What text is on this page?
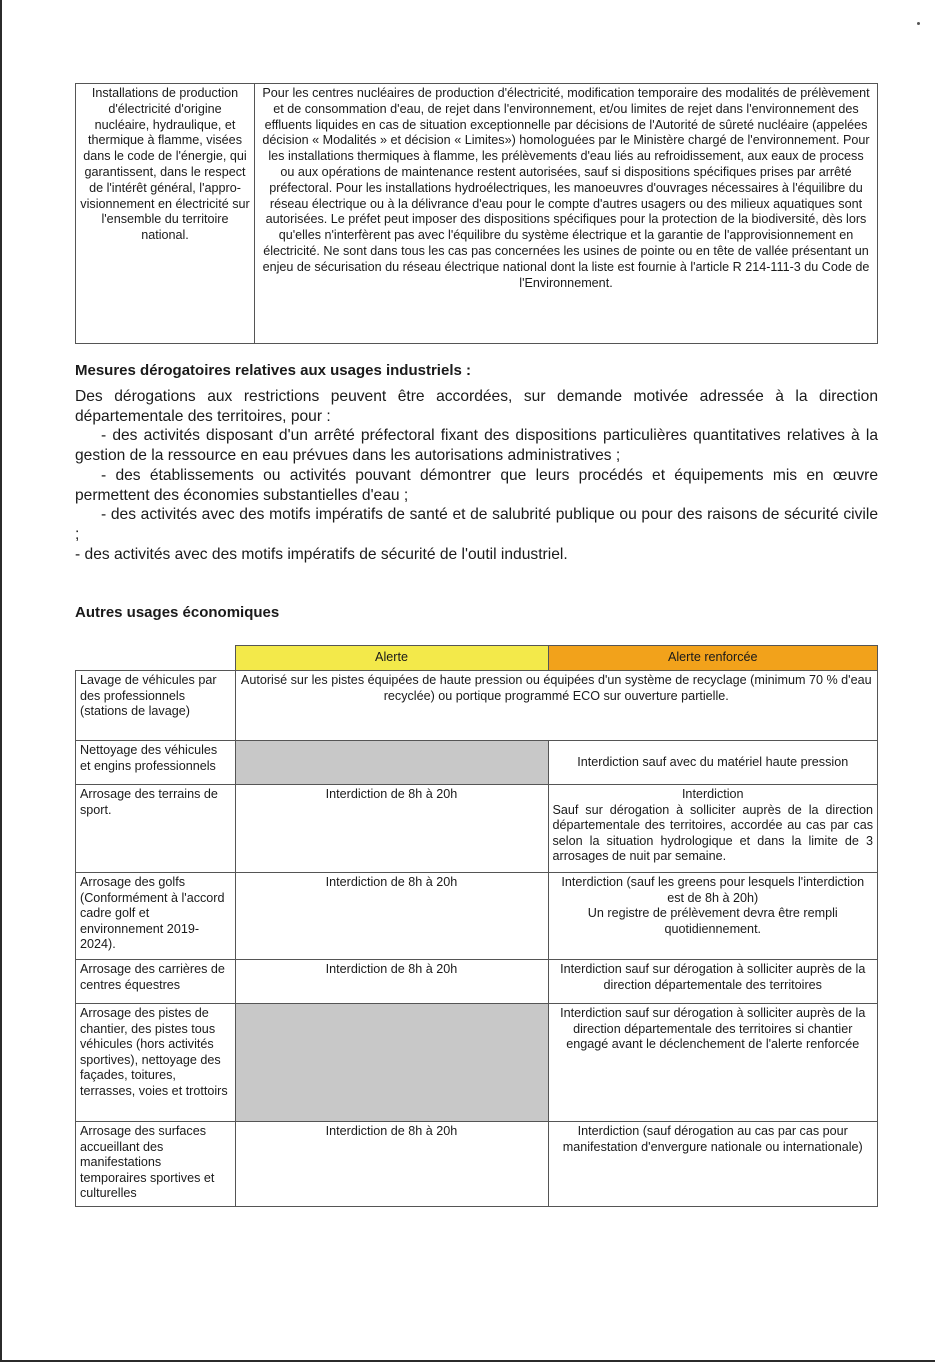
Installations de production d'électricité d'origine nucléaire, hydraulique, et thermique à flamme, visées dans le code de l'énergie, qui garantissent, dans le respect de l'intérêt général, l'appro-visionnement en électricité sur l'ensemble du territoire national.	Pour les centres nucléaires de production d'électricité, modification temporaire des modalités de prélèvement et de consommation d'eau, de rejet dans l'environnement, et/ou limites de rejet dans l'environnement des effluents liquides en cas de situation exceptionnelle par décisions de l'Autorité de sûreté nucléaire (appelées décision « Modalités » et décision « Limites») homologuées par le Ministère chargé de l'environnement. Pour les installations thermiques à flamme, les prélèvements d'eau liés au refroidissement, aux eaux de process ou aux opérations de maintenance restent autorisées, sauf si dispositions spécifiques prises par arrêté préfectoral. Pour les installations hydroélectriques, les manoeuvres d'ouvrages nécessaires à l'équilibre du réseau électrique ou à la délivrance d'eau pour le compte d'autres usagers ou des milieux aquatiques sont autorisées. Le préfet peut imposer des dispositions spécifiques pour la protection de la biodiversité, dès lors qu'elles n'interfèrent pas avec l'équilibre du système électrique et la garantie de l'approvisionnement en électricité. Ne sont dans tous les cas pas concernées les usines de pointe ou en tête de vallée présentant un enjeu de sécurisation du réseau électrique national dont la liste est fournie à l'article R 214-111-3 du Code de l'Environnement.
Mesures dérogatoires relatives aux usages industriels :

Des dérogations aux restrictions peuvent être accordées, sur demande motivée adressée à la direction départementale des territoires, pour :

- des activités disposant d'un arrêté préfectoral fixant des dispositions particulières quantitatives relatives à la gestion de la ressource en eau prévues dans les autorisations administratives ;

- des établissements ou activités pouvant démontrer que leurs procédés et équipements mis en œuvre permettent des économies substantielles d'eau ;

- des activités avec des motifs impératifs de santé et de salubrité publique ou pour des raisons de sécurité civile ;

- des activités avec des motifs impératifs de sécurité de l'outil industriel.

Autres usages économiques
	Alerte	Alerte renforcée
Lavage de véhicules par des professionnels (stations de lavage)	Autorisé sur les pistes équipées de haute pression ou équipées d'un système de recyclage (minimum 70 % d'eau recyclée) ou portique programmé ECO sur ouverture partielle.	
Nettoyage des véhicules et engins professionnels		Interdiction sauf avec du matériel haute pression
Arrosage des terrains de sport.	Interdiction de 8h à 20h	Interdiction
Sauf sur dérogation à solliciter auprès de la direction départementale des territoires, accordée au cas par cas selon la situation hydrologique et dans la limite de 3 arrosages de nuit par semaine.

Arrosage des golfs (Conformément à l'accord cadre golf et environnement 2019-2024).	Interdiction de 8h à 20h	Interdiction (sauf les greens pour lesquels l'interdiction est de 8h à 20h)
Un registre de prélèvement devra être rempli quotidiennement.

Arrosage des carrières de centres équestres	Interdiction de 8h à 20h	Interdiction sauf sur dérogation à solliciter auprès de la direction départementale des territoires
Arrosage des pistes de chantier, des pistes tous véhicules (hors activités sportives), nettoyage des façades, toitures, terrasses, voies et trottoirs		Interdiction sauf sur dérogation à solliciter auprès de la direction départementale des territoires si chantier engagé avant le déclenchement de l'alerte renforcée
Arrosage des surfaces accueillant des manifestations temporaires sportives et culturelles	Interdiction de 8h à 20h	Interdiction (sauf dérogation au cas par cas pour manifestation d'envergure nationale ou internationale)
